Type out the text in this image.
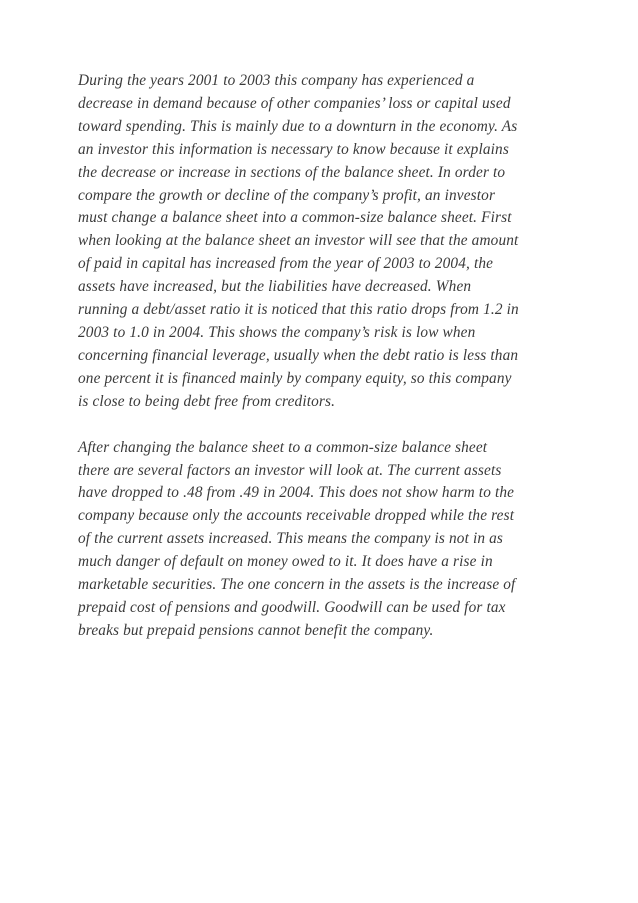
During the years 2001 to 2003 this company has experienced a
decrease in demand because of other companies’ loss or capital used
toward spending. This is mainly due to a downturn in the economy. As
an investor this information is necessary to know because it explains
the decrease or increase in sections of the balance sheet. In order to
compare the growth or decline of the company’s profit, an investor
must change a balance sheet into a common-size balance sheet. First
when looking at the balance sheet an investor will see that the amount
of paid in capital has increased from the year of 2003 to 2004, the
assets have increased, but the liabilities have decreased. When
running a debt/asset ratio it is noticed that this ratio drops from 1.2 in
2003 to 1.0 in 2004. This shows the company’s risk is low when
concerning financial leverage, usually when the debt ratio is less than
one percent it is financed mainly by company equity, so this company
is close to being debt free from creditors.

After changing the balance sheet to a common-size balance sheet
there are several factors an investor will look at. The current assets
have dropped to .48 from .49 in 2004. This does not show harm to the
company because only the accounts receivable dropped while the rest
of the current assets increased. This means the company is not in as
much danger of default on money owed to it. It does have a rise in
marketable securities. The one concern in the assets is the increase of
prepaid cost of pensions and goodwill. Goodwill can be used for tax
breaks but prepaid pensions cannot benefit the company.
